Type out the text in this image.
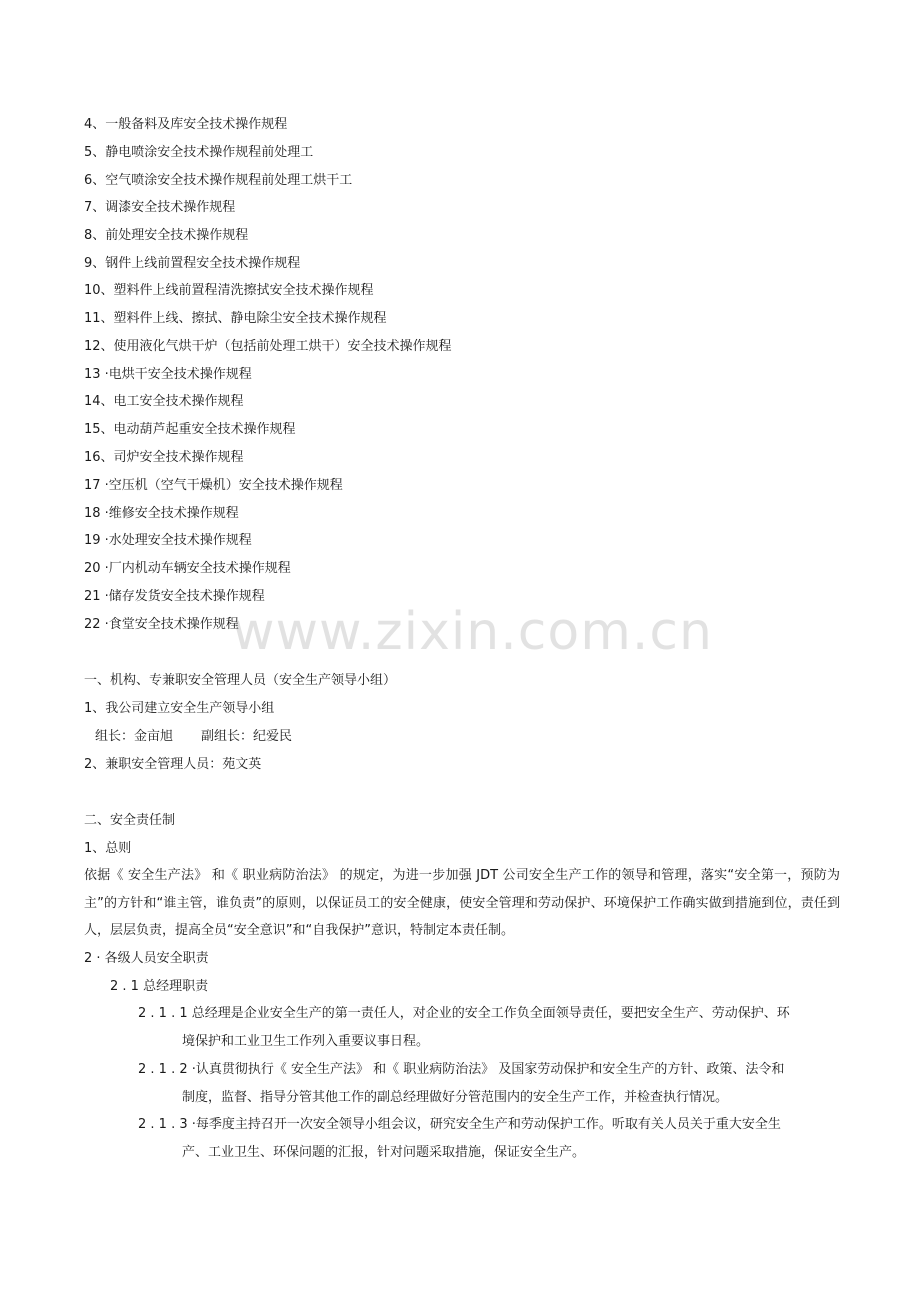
www.zixin.com.cn
4、一般备料及库安全技术操作规程
5、静电喷涂安全技术操作规程前处理工
6、空气喷涂安全技术操作规程前处理工烘干工
7、调漆安全技术操作规程
8、前处理安全技术操作规程
9、钢件上线前置程安全技术操作规程
10、塑料件上线前置程清洗擦拭安全技术操作规程
11、塑料件上线、擦拭、静电除尘安全技术操作规程
12、使用液化气烘干炉（包括前处理工烘干）安全技术操作规程
13 ·电烘干安全技术操作规程
14、电工安全技术操作规程
15、电动葫芦起重安全技术操作规程
16、司炉安全技术操作规程
17 ·空压机（空气干燥机）安全技术操作规程
18 ·维修安全技术操作规程
19 ·水处理安全技术操作规程
20 ·厂内机动车辆安全技术操作规程
21 ·储存发货安全技术操作规程
22 ·食堂安全技术操作规程
一、机构、专兼职安全管理人员（安全生产领导小组）
1、我公司建立安全生产领导小组
组长：金亩旭 副组长：纪爱民
2、兼职安全管理人员：苑文英
二、安全责任制
1、总则
依据《 安全生产法》 和《 职业病防治法》 的规定，为进一步加强 JDT 公司安全生产工作的领导和管理，落实“安全第一，预防为主”的方针和“谁主管，谁负责”的原则，以保证员工的安全健康，使安全管理和劳动保护、环境保护工作确实做到措施到位，责任到人，层层负责，提高全员“安全意识”和“自我保护”意识，特制定本责任制。
2 · 各级人员安全职责
2 . 1 总经理职责
2 . 1 . 1 总经理是企业安全生产的第一责任人，对企业的安全工作负全面领导责任，要把安全生产、劳动保护、环
境保护和工业卫生工作列入重要议事日程。
2 . 1 . 2 ·认真贯彻执行《 安全生产法》 和《 职业病防治法》 及国家劳动保护和安全生产的方针、政策、法令和
制度，监督、指导分管其他工作的副总经理做好分管范围内的安全生产工作，并检查执行情况。
2 . 1 . 3 ·每季度主持召开一次安全领导小组会议，研究安全生产和劳动保护工作。听取有关人员关于重大安全生
产、工业卫生、环保问题的汇报，针对问题采取措施，保证安全生产。
